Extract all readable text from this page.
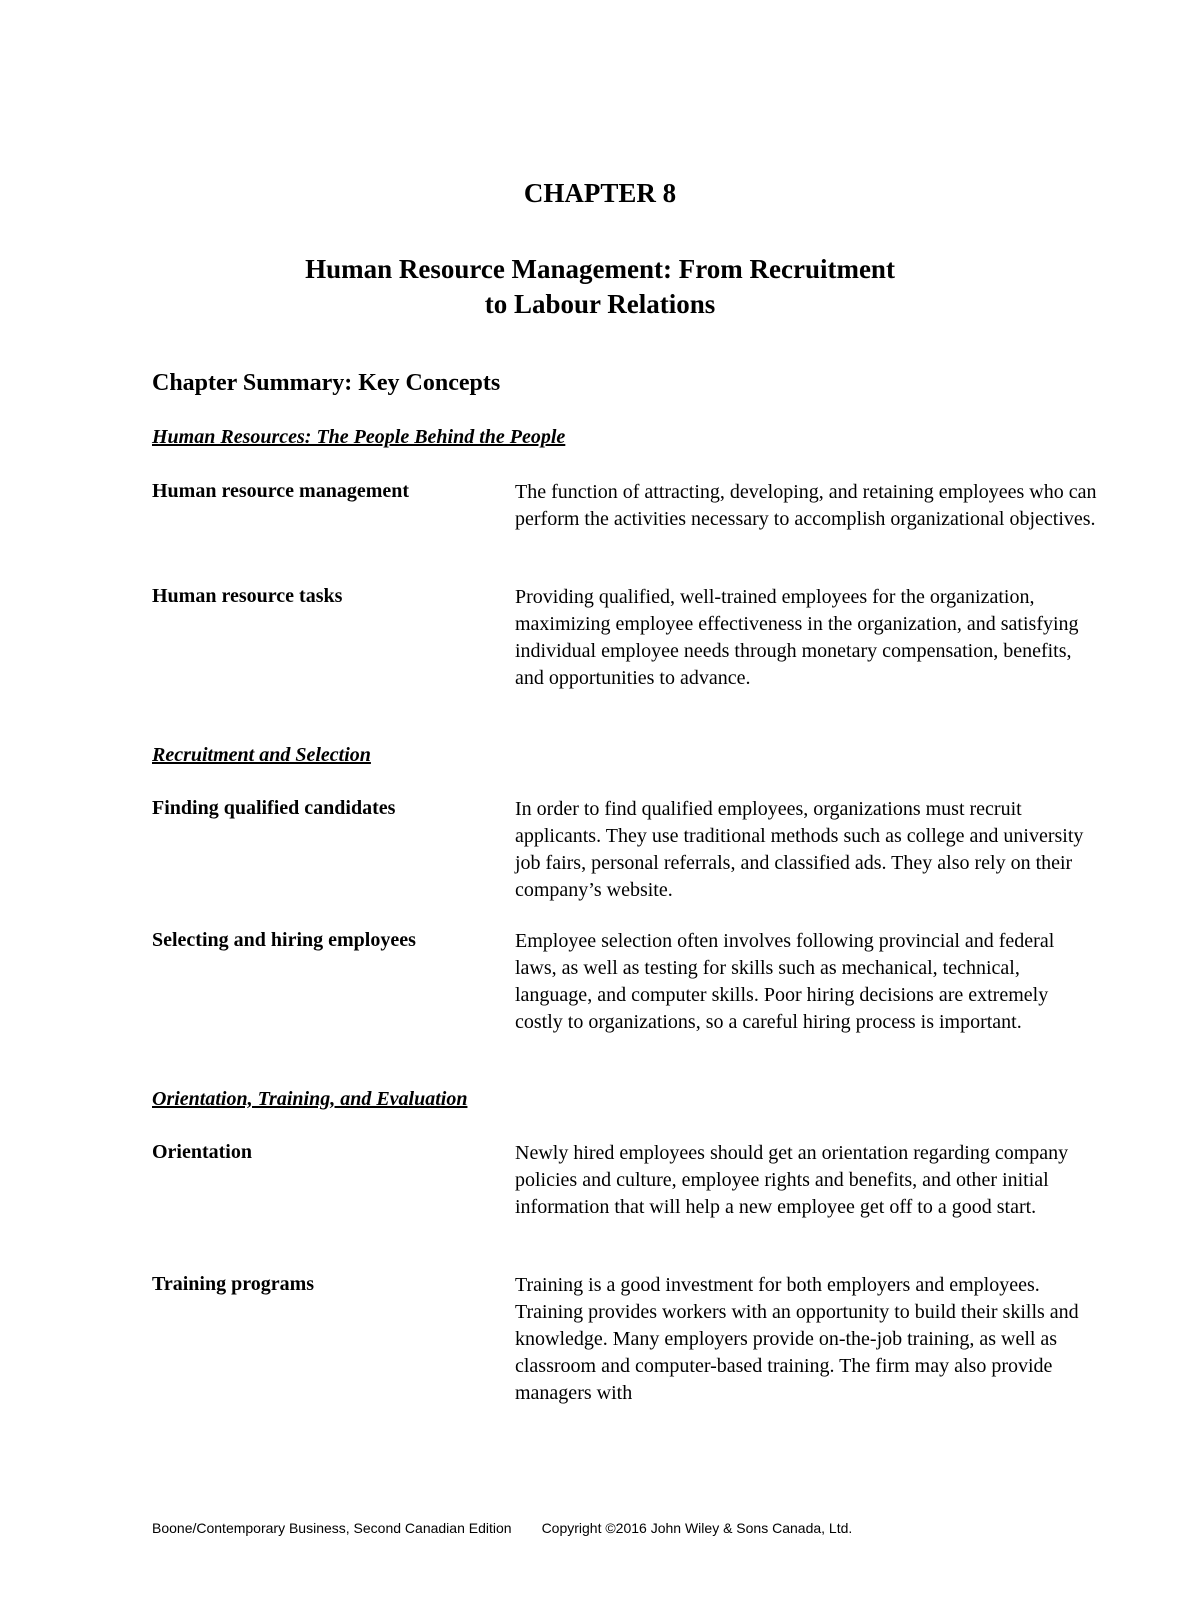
CHAPTER 8
Human Resource Management: From Recruitment
to Labour Relations
Chapter Summary: Key Concepts
Human Resources: The People Behind the People
Human resource management	The function of attracting, developing, and retaining employees who can perform the activities necessary to accomplish organizational objectives.
Human resource tasks	Providing qualified, well-trained employees for the organization, maximizing employee effectiveness in the organization, and satisfying individual employee needs through monetary compensation, benefits, and opportunities to advance.
Recruitment and Selection
Finding qualified candidates	In order to find qualified employees, organizations must recruit applicants. They use traditional methods such as college and university job fairs, personal referrals, and classified ads. They also rely on their company’s website.
Selecting and hiring employees	Employee selection often involves following provincial and federal laws, as well as testing for skills such as mechanical, technical, language, and computer skills. Poor hiring decisions are extremely costly to organizations, so a careful hiring process is important.
Orientation, Training, and Evaluation
Orientation	Newly hired employees should get an orientation regarding company policies and culture, employee rights and benefits, and other initial information that will help a new employee get off to a good start.
Training programs	Training is a good investment for both employers and employees. Training provides workers with an opportunity to build their skills and knowledge. Many employers provide on-the-job training, as well as classroom and computer-based training. The firm may also provide managers with
Boone/Contemporary Business, Second Canadian Edition Copyright ©2016 John Wiley & Sons Canada, Ltd.
